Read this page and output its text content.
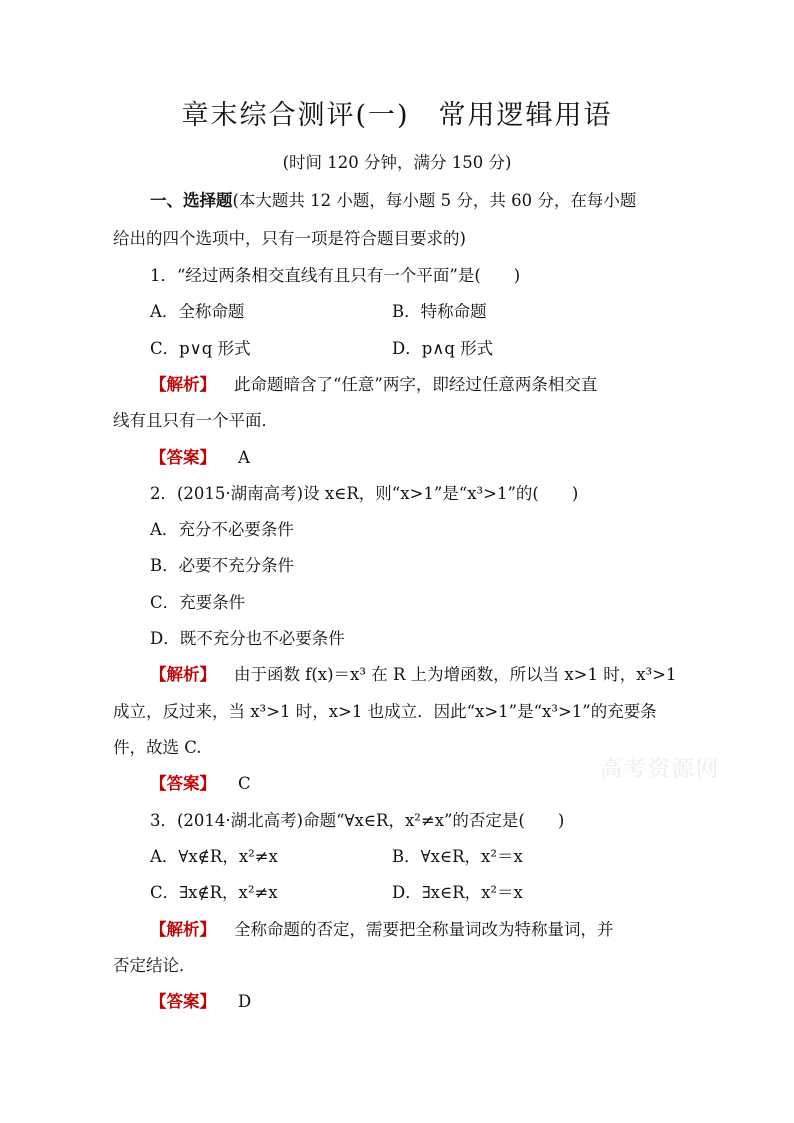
章末综合测评(一)　常用逻辑用语
(时间 120 分钟，满分 150 分)
一、选择题(本大题共 12 小题，每小题 5 分，共 60 分，在每小题
给出的四个选项中，只有一项是符合题目要求的)
1．“经过两条相交直线有且只有一个平面”是(　　)
A．全称命题	B．特称命题
C．p∨q 形式	D．p∧q 形式
【解析】 此命题暗含了“任意”两字，即经过任意两条相交直
线有且只有一个平面．
【答案】 A
2．(2015·湖南高考)设 x∈R，则“x>1”是“x³>1”的(　　)
A．充分不必要条件
B．必要不充分条件
C．充要条件
D．既不充分也不必要条件
【解析】 由于函数 f(x)＝x³ 在 R 上为增函数，所以当 x>1 时，x³>1
成立，反过来，当 x³>1 时，x>1 也成立．因此“x>1”是“x³>1”的充要条
件，故选 C.
【答案】 C
3．(2014·湖北高考)命题“∀x∈R，x²≠x”的否定是(　　)
A．∀x∉R，x²≠x	B．∀x∈R，x²＝x
C．∃x∉R，x²≠x	D．∃x∈R，x²＝x
【解析】 全称命题的否定，需要把全称量词改为特称量词，并
否定结论．
【答案】 D
高考资源网
